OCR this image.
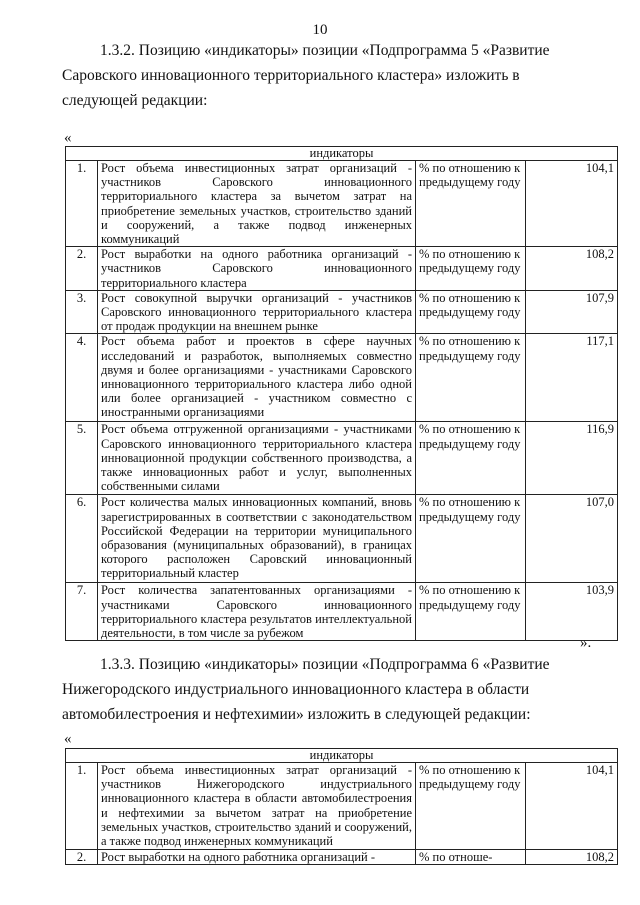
10

1.3.2. Позицию «индикаторы» позиции «Подпрограмма 5 «Развитие Саровского инновационного территориального кластера» изложить в следующей редакции:

«
индикаторы			
1.	Рост объема инвестиционных затрат организаций - участников Саровского инновационного территориального кластера за вычетом затрат на приобретение земельных участков, строительство зданий и сооружений, а также подвод инженерных коммуникаций	% по отношению к предыдущему году	104,1
2.	Рост выработки на одного работника организаций - участников Саровского инновационного территориального кластера	% по отношению к предыдущему году	108,2
3.	Рост совокупной выручки организаций - участников Саровского инновационного территориального кластера от продаж продукции на внешнем рынке	% по отношению к предыдущему году	107,9
4.	Рост объема работ и проектов в сфере научных исследований и разработок, выполняемых совместно двумя и более организациями - участниками Саровского инновационного территориального кластера либо одной или более организацией - участником совместно с иностранными организациями	% по отношению к предыдущему году	117,1
5.	Рост объема отгруженной организациями - участниками Саровского инновационного территориального кластера инновационной продукции собственного производства, а также инновационных работ и услуг, выполненных собственными силами	% по отношению к предыдущему году	116,9
6.	Рост количества малых инновационных компаний, вновь зарегистрированных в соответствии с законодательством Российской Федерации на территории муниципального образования (муниципальных образований), в границах которого расположен Саровский инновационный территориальный кластер	% по отношению к предыдущему году	107,0
7.	Рост количества запатентованных организациями - участниками Саровского инновационного территориального кластера результатов интеллектуальной деятельности, в том числе за рубежом	% по отношению к предыдущему году	103,9
».

1.3.3. Позицию «индикаторы» позиции «Подпрограмма 6 «Развитие Нижегородского индустриального инновационного кластера в области автомобилестроения и нефтехимии» изложить в следующей редакции:

«
индикаторы			
1.	Рост объема инвестиционных затрат организаций - участников Нижегородского индустриального инновационного кластера в области автомобилестроения и нефтехимии за вычетом затрат на приобретение земельных участков, строительство зданий и сооружений, а также подвод инженерных коммуникаций	% по отношению к предыдущему году	104,1
2.	Рост выработки на одного работника организаций -	% по отноше-	108,2
